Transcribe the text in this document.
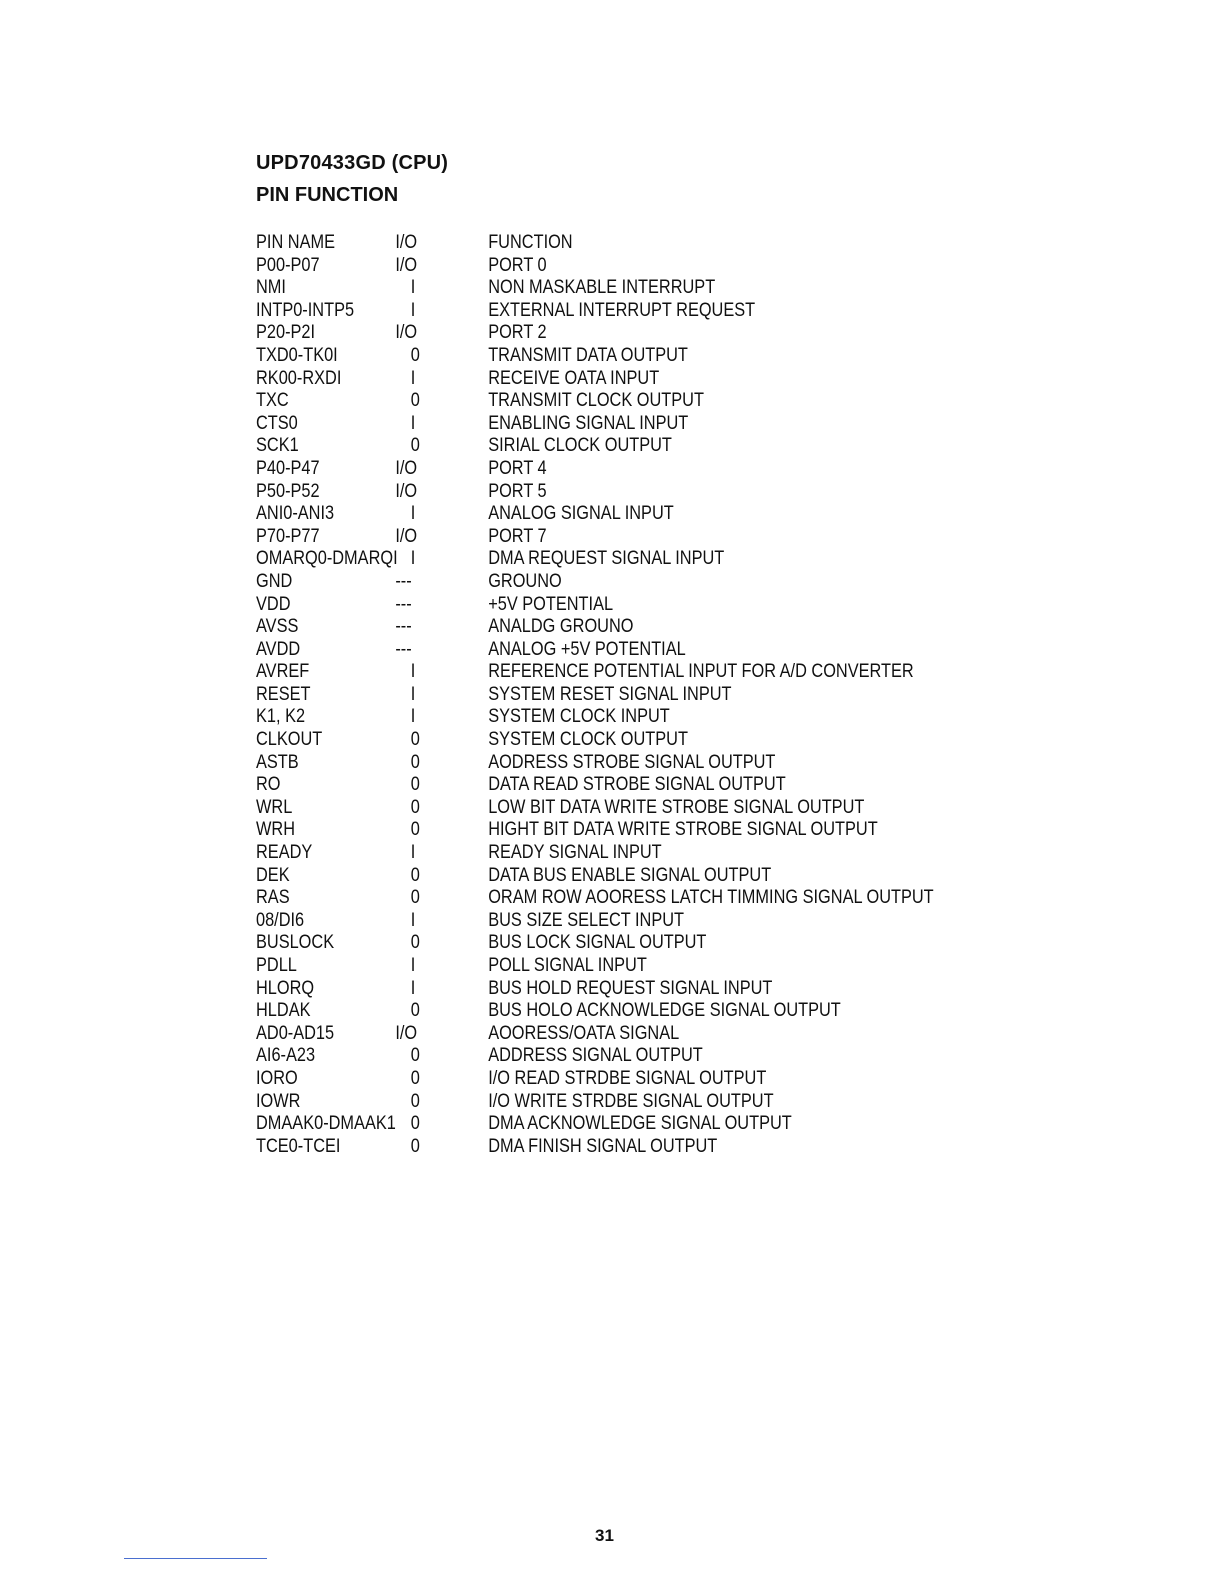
UPD70433GD (CPU)
PIN FUNCTION
PIN NAME	I/O	FUNCTION
P00-P07	I/O	PORT 0
NMI	I	NON MASKABLE INTERRUPT
INTP0-INTP5	I	EXTERNAL INTERRUPT REQUEST
P20-P2I	I/O	PORT 2
TXD0-TK0I	0	TRANSMIT DATA OUTPUT
RK00-RXDI	I	RECEIVE OATA INPUT
TXC	0	TRANSMIT CLOCK OUTPUT
CTS0	I	ENABLING SIGNAL INPUT
SCK1	0	SIRIAL CLOCK OUTPUT
P40-P47	I/O	PORT 4
P50-P52	I/O	PORT 5
ANI0-ANI3	I	ANALOG SIGNAL INPUT
P70-P77	I/O	PORT 7
OMARQ0-DMARQI I	DMA REQUEST SIGNAL INPUT
GND	---	GROUNO
VDD	---	+5V POTENTIAL
AVSS	---	ANALDG GROUNO
AVDD	---	ANALOG +5V POTENTIAL
AVREF	I	REFERENCE POTENTIAL INPUT FOR A/D CONVERTER
RESET	I	SYSTEM RESET SIGNAL INPUT
K1, K2	I	SYSTEM CLOCK INPUT
CLKOUT	0	SYSTEM CLOCK OUTPUT
ASTB	0	AODRESS STROBE SIGNAL OUTPUT
RO	0	DATA READ STROBE SIGNAL OUTPUT
WRL	0	LOW BIT DATA WRITE STROBE SIGNAL OUTPUT
WRH	0	HIGHT BIT DATA WRITE STROBE SIGNAL OUTPUT
READY	I	READY SIGNAL INPUT
DEK	0	DATA BUS ENABLE SIGNAL OUTPUT
RAS	0	ORAM ROW AOORESS LATCH TIMMING SIGNAL OUTPUT
08/DI6	I	BUS SIZE SELECT INPUT
BUSLOCK	0	BUS LOCK SIGNAL OUTPUT
PDLL	I	POLL SIGNAL INPUT
HLORQ	I	BUS HOLD REQUEST SIGNAL INPUT
HLDAK	0	BUS HOLO ACKNOWLEDGE SIGNAL OUTPUT
AD0-AD15	I/O	AOORESS/OATA SIGNAL
AI6-A23	0	ADDRESS SIGNAL OUTPUT
IORO	0	I/O READ STRDBE SIGNAL OUTPUT
IOWR	0	I/O WRITE STRDBE SIGNAL OUTPUT
DMAAK0-DMAAK1 0	DMA ACKNOWLEDGE SIGNAL OUTPUT
TCE0-TCEI	0	DMA FINISH SIGNAL OUTPUT
31
